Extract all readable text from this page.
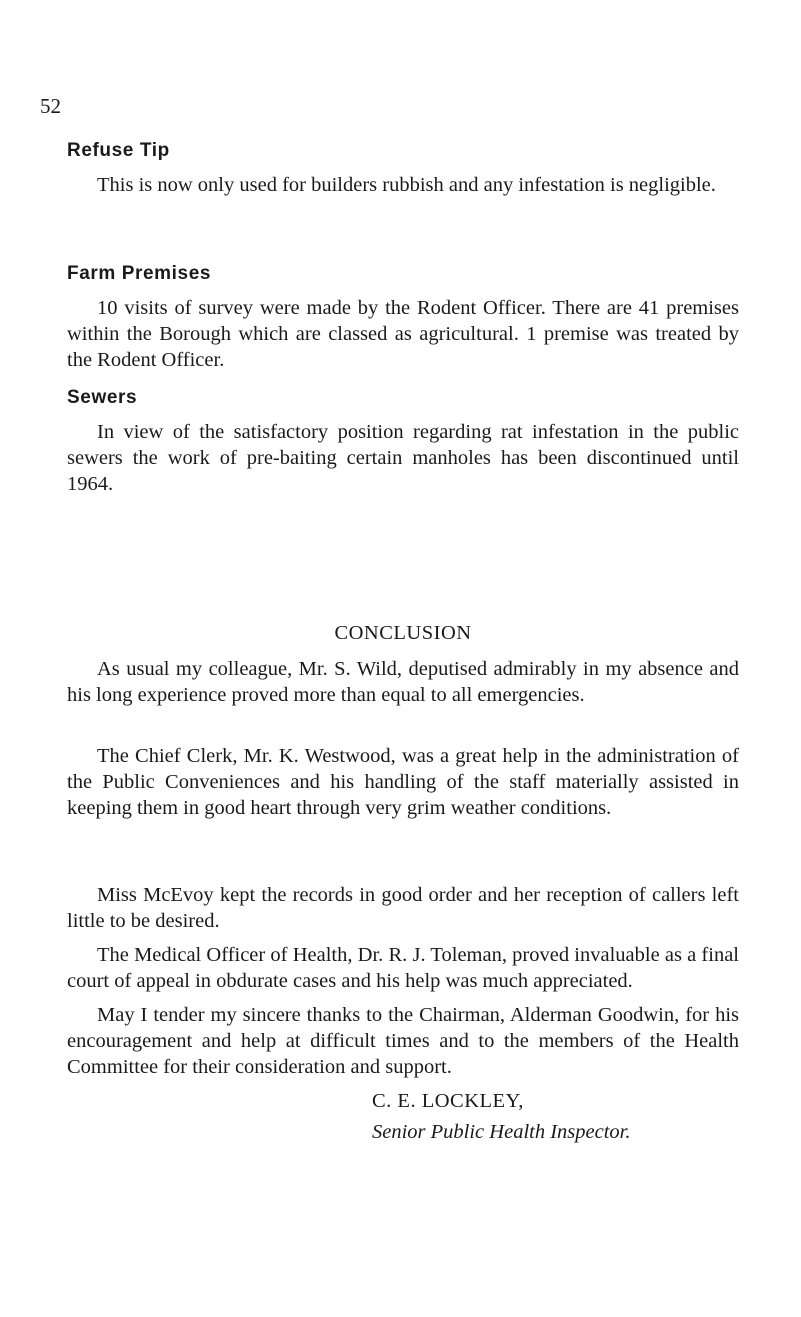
52
Refuse Tip
This is now only used for builders rubbish and any infestation is negligible.
Farm Premises
10 visits of survey were made by the Rodent Officer. There are 41 premises within the Borough which are classed as agricultural. 1 premise was treated by the Rodent Officer.
Sewers
In view of the satisfactory position regarding rat infestation in the public sewers the work of pre-baiting certain manholes has been discontinued until 1964.
CONCLUSION
As usual my colleague, Mr. S. Wild, deputised admirably in my absence and his long experience proved more than equal to all emergencies.
The Chief Clerk, Mr. K. Westwood, was a great help in the administration of the Public Conveniences and his handling of the staff materially assisted in keeping them in good heart through very grim weather conditions.
Miss McEvoy kept the records in good order and her reception of callers left little to be desired.
The Medical Officer of Health, Dr. R. J. Toleman, proved invaluable as a final court of appeal in obdurate cases and his help was much appreciated.
May I tender my sincere thanks to the Chairman, Alderman Goodwin, for his encouragement and help at difficult times and to the members of the Health Committee for their consideration and support.
C. E. LOCKLEY,
Senior Public Health Inspector.
